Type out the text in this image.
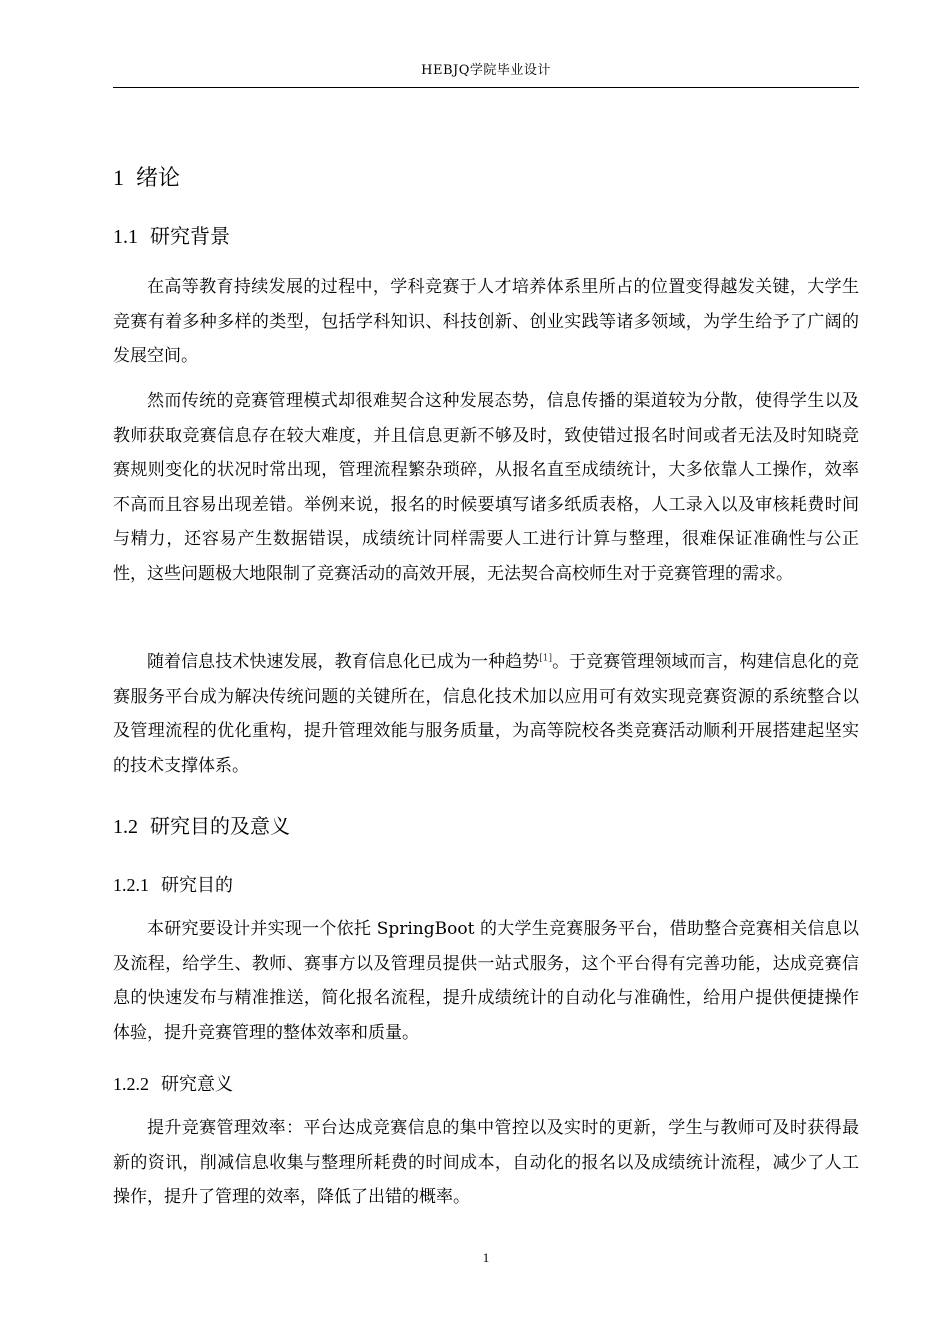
HEBJQ学院毕业设计
1 绪论
1.1 研究背景

在高等教育持续发展的过程中，学科竞赛于人才培养体系里所占的位置变得越发关键，大学生竞赛有着多种多样的类型，包括学科知识、科技创新、创业实践等诸多领域，为学生给予了广阔的发展空间。

然而传统的竞赛管理模式却很难契合这种发展态势，信息传播的渠道较为分散，使得学生以及教师获取竞赛信息存在较大难度，并且信息更新不够及时，致使错过报名时间或者无法及时知晓竞赛规则变化的状况时常出现，管理流程繁杂琐碎，从报名直至成绩统计，大多依靠人工操作，效率不高而且容易出现差错。举例来说，报名的时候要填写诸多纸质表格，人工录入以及审核耗费时间与精力，还容易产生数据错误，成绩统计同样需要人工进行计算与整理，很难保证准确性与公正性，这些问题极大地限制了竞赛活动的高效开展，无法契合高校师生对于竞赛管理的需求。

随着信息技术快速发展，教育信息化已成为一种趋势[1]。于竞赛管理领域而言，构建信息化的竞赛服务平台成为解决传统问题的关键所在，信息化技术加以应用可有效实现竞赛资源的系统整合以及管理流程的优化重构，提升管理效能与服务质量，为高等院校各类竞赛活动顺利开展搭建起坚实的技术支撑体系。

1.2 研究目的及意义
1.2.1 研究目的

本研究要设计并实现一个依托 SpringBoot 的大学生竞赛服务平台，借助整合竞赛相关信息以及流程，给学生、教师、赛事方以及管理员提供一站式服务，这个平台得有完善功能，达成竞赛信息的快速发布与精准推送，简化报名流程，提升成绩统计的自动化与准确性，给用户提供便捷操作体验，提升竞赛管理的整体效率和质量。

1.2.2 研究意义

提升竞赛管理效率：平台达成竞赛信息的集中管控以及实时的更新，学生与教师可及时获得最新的资讯，削减信息收集与整理所耗费的时间成本，自动化的报名以及成绩统计流程，减少了人工操作，提升了管理的效率，降低了出错的概率。

1
